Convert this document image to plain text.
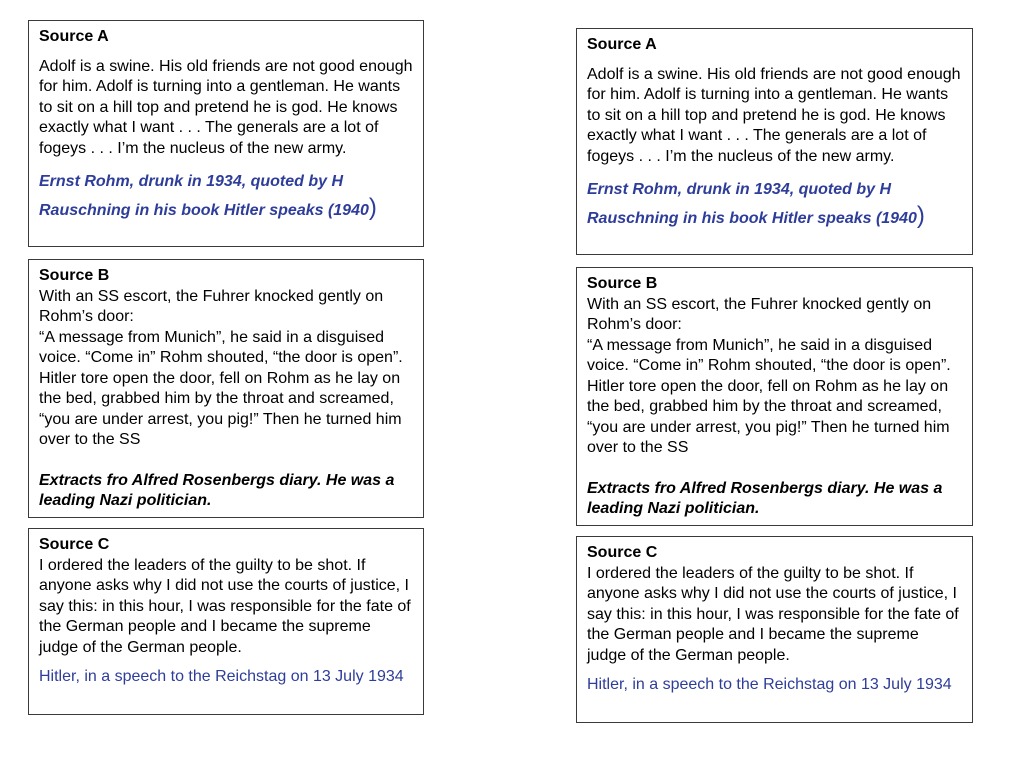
Source A

Adolf is a swine. His old friends are not good enough for him. Adolf is turning into a gentleman. He wants to sit on a hill top and pretend he is god. He knows exactly what I want . . . The generals are a lot of fogeys . . . I’m the nucleus of the new army.

Ernst Rohm, drunk in 1934, quoted by H Rauschning in his book Hitler speaks (1940)

Source B

With an SS escort, the Fuhrer knocked gently on Rohm’s door:

“A message from Munich”, he said in a disguised voice. “Come in” Rohm shouted, “the door is open”. Hitler tore open the door, fell on Rohm as he lay on the bed, grabbed him by the throat and screamed, “you are under arrest, you pig!” Then he turned him over to the SS

Extracts fro Alfred Rosenbergs diary. He was a leading Nazi politician.

Source C

I ordered the leaders of the guilty to be shot. If anyone asks why I did not use the courts of justice, I say this: in this hour, I was responsible for the fate of the German people and I became the supreme judge of the German people.

Hitler, in a speech to the Reichstag on 13 July 1934

Source A

Adolf is a swine. His old friends are not good enough for him. Adolf is turning into a gentleman. He wants to sit on a hill top and pretend he is god. He knows exactly what I want . . . The generals are a lot of fogeys . . . I’m the nucleus of the new army.

Ernst Rohm, drunk in 1934, quoted by H Rauschning in his book Hitler speaks (1940)

Source B

With an SS escort, the Fuhrer knocked gently on Rohm’s door:

“A message from Munich”, he said in a disguised voice. “Come in” Rohm shouted, “the door is open”. Hitler tore open the door, fell on Rohm as he lay on the bed, grabbed him by the throat and screamed, “you are under arrest, you pig!” Then he turned him over to the SS

Extracts fro Alfred Rosenbergs diary. He was a leading Nazi politician.

Source C

I ordered the leaders of the guilty to be shot. If anyone asks why I did not use the courts of justice, I say this: in this hour, I was responsible for the fate of the German people and I became the supreme judge of the German people.

Hitler, in a speech to the Reichstag on 13 July 1934
